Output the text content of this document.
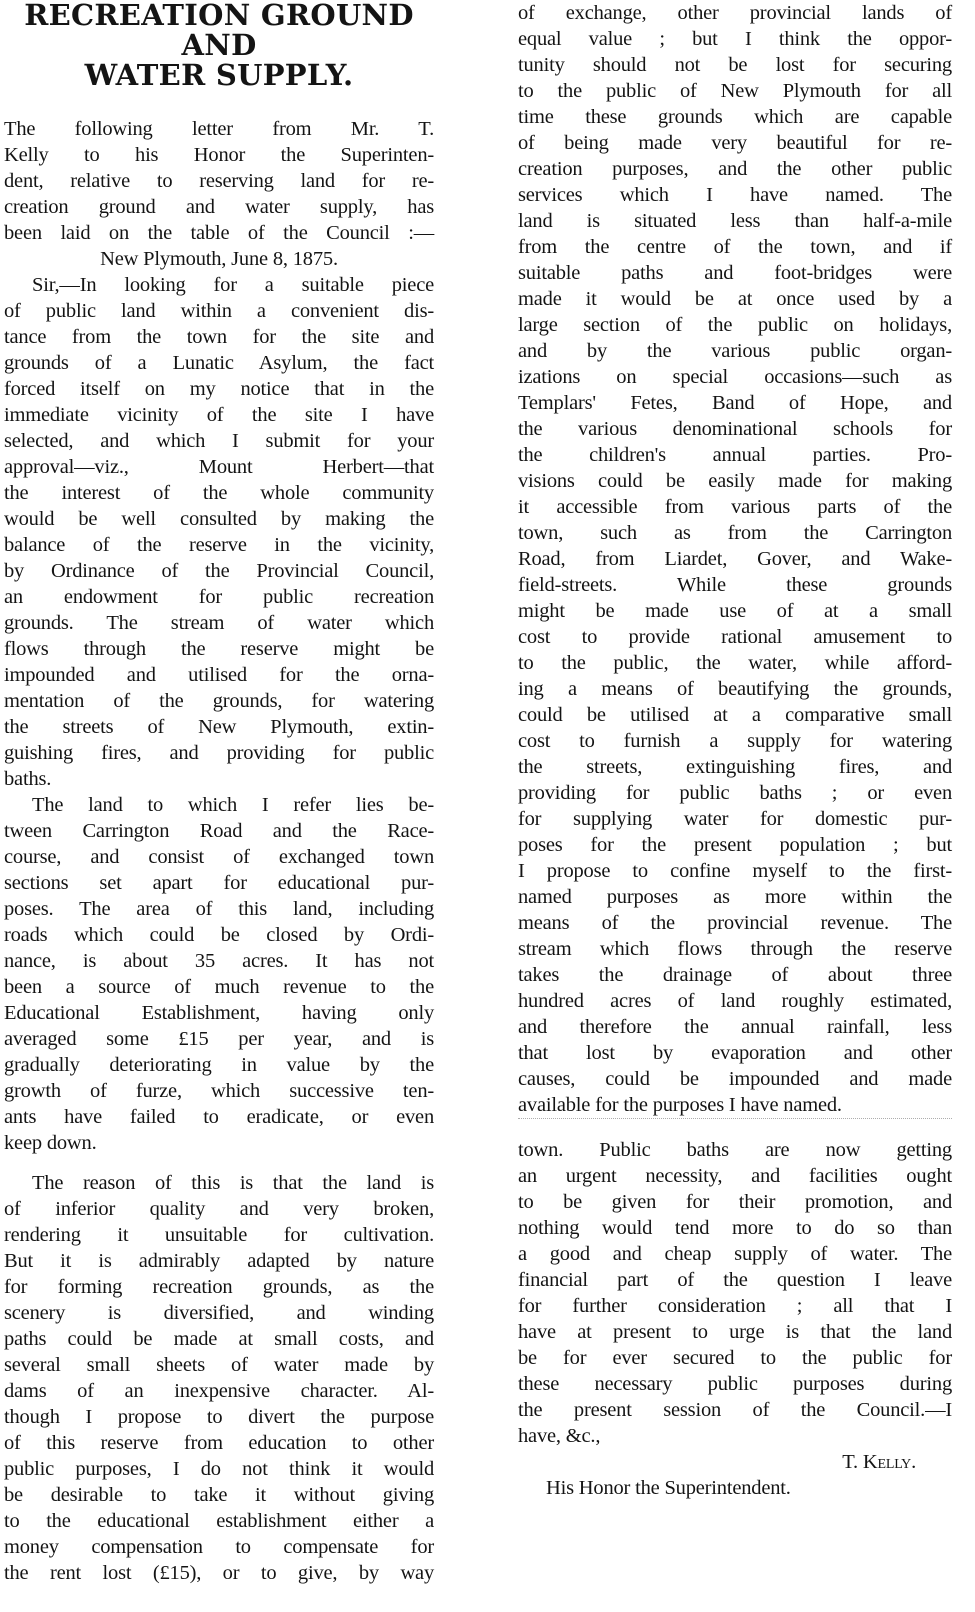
RECREATION GROUND AND
WATER SUPPLY.
The following letter from Mr. T.
Kelly to his Honor the Superinten-
dent, relative to reserving land for re-
creation ground and water supply, has
been laid on the table of the Council :—
New Plymouth, June 8, 1875.
Sir,—In looking for a suitable piece
of public land within a convenient dis-
tance from the town for the site and
grounds of a Lunatic Asylum, the fact
forced itself on my notice that in the
immediate vicinity of the site I have
selected, and which I submit for your
approval—viz., Mount Herbert—that
the interest of the whole community
would be well consulted by making the
balance of the reserve in the vicinity,
by Ordinance of the Provincial Council,
an endowment for public recreation
grounds. The stream of water which
flows through the reserve might be
impounded and utilised for the orna-
mentation of the grounds, for watering
the streets of New Plymouth, extin-
guishing fires, and providing for public
baths.
The land to which I refer lies be-
tween Carrington Road and the Race-
course, and consist of exchanged town
sections set apart for educational pur-
poses. The area of this land, including
roads which could be closed by Ordi-
nance, is about 35 acres. It has not
been a source of much revenue to the
Educational Establishment, having only
averaged some £15 per year, and is
gradually deteriorating in value by the
growth of furze, which successive ten-
ants have failed to eradicate, or even
keep down.
The reason of this is that the land is
of inferior quality and very broken,
rendering it unsuitable for cultivation.
But it is admirably adapted by nature
for forming recreation grounds, as the
scenery is diversified, and winding
paths could be made at small costs, and
several small sheets of water made by
dams of an inexpensive character. Al-
though I propose to divert the purpose
of this reserve from education to other
public purposes, I do not think it would
be desirable to take it without giving
to the educational establishment either a
money compensation to compensate for
the rent lost (£15), or to give, by way
of exchange, other provincial lands of
equal value ; but I think the oppor-
tunity should not be lost for securing
to the public of New Plymouth for all
time these grounds which are capable
of being made very beautiful for re-
creation purposes, and the other public
services which I have named. The
land is situated less than half-a-mile
from the centre of the town, and if
suitable paths and foot-bridges were
made it would be at once used by a
large section of the public on holidays,
and by the various public organ-
izations on special occasions—such as
Templars' Fetes, Band of Hope, and
the various denominational schools for
the children's annual parties. Pro-
visions could be easily made for making
it accessible from various parts of the
town, such as from the Carrington
Road, from Liardet, Gover, and Wake-
field-streets. While these grounds
might be made use of at a small
cost to provide rational amusement to
to the public, the water, while afford-
ing a means of beautifying the grounds,
could be utilised at a comparative small
cost to furnish a supply for watering
the streets, extinguishing fires, and
providing for public baths ; or even
for supplying water for domestic pur-
poses for the present population ; but
I propose to confine myself to the first-
named purposes as more within the
means of the provincial revenue. The
stream which flows through the reserve
takes the drainage of about three
hundred acres of land roughly estimated,
and therefore the annual rainfall, less
that lost by evaporation and other
causes, could be impounded and made
available for the purposes I have named.
town. Public baths are now getting
an urgent necessity, and facilities ought
to be given for their promotion, and
nothing would tend more to do so than
a good and cheap supply of water. The
financial part of the question I leave
for further consideration ; all that I
have at present to urge is that the land
be for ever secured to the public for
these necessary public purposes during
the present session of the Council.—I
have, &c.,
T. Kelly.
His Honor the Superintendent.
